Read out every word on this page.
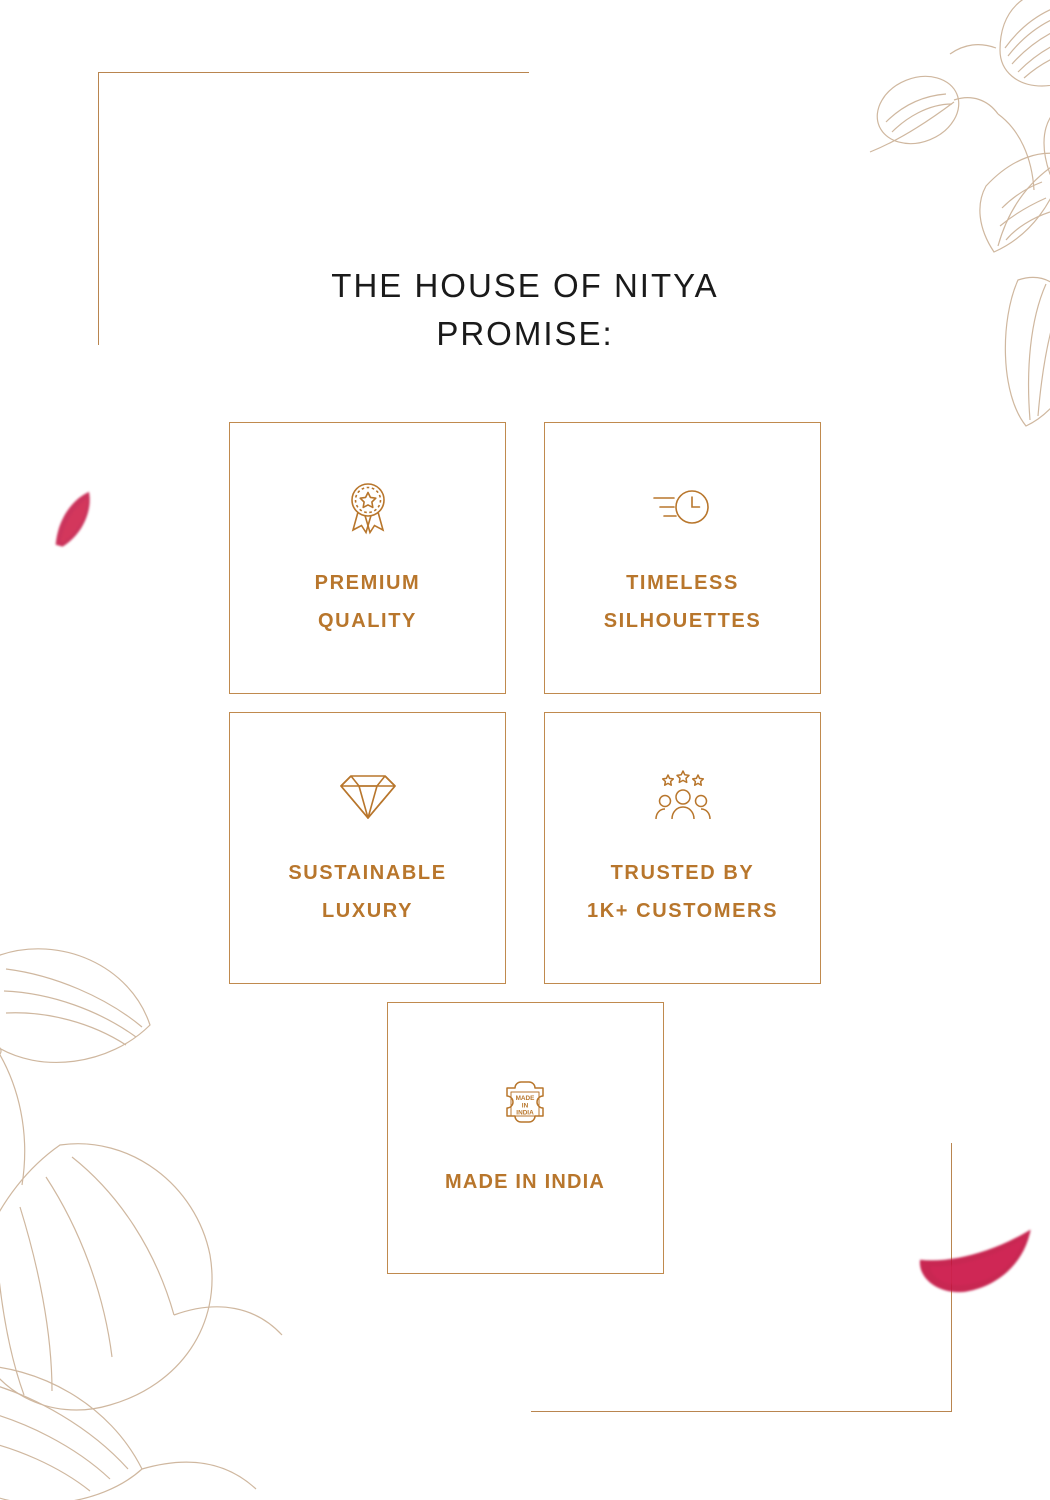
THE HOUSE OF NITYA
PROMISE:
PREMIUM
QUALITY
TIMELESS
SILHOUETTES
SUSTAINABLE
LUXURY
TRUSTED BY
1K+ CUSTOMERS
MADE
IN
INDIA
MADE IN INDIA
